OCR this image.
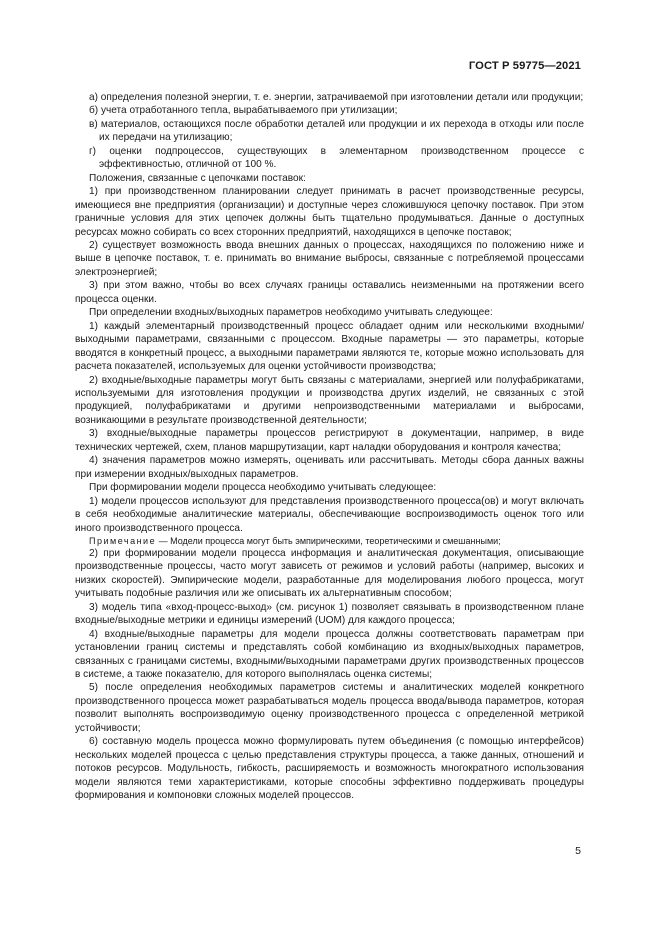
ГОСТ Р 59775—2021

а) определения полезной энергии, т. е. энергии, затрачиваемой при изготовлении детали или продукции;

б) учета отработанного тепла, вырабатываемого при утилизации;

в) материалов, остающихся после обработки деталей или продукции и их перехода в отходы или после их передачи на утилизацию;

г) оценки подпроцессов, существующих в элементарном производственном процессе с эффективностью, отличной от 100 %.

Положения, связанные с цепочками поставок:

1) при производственном планировании следует принимать в расчет производственные ресурсы, имеющиеся вне предприятия (организации) и доступные через сложившуюся цепочку поставок. При этом граничные условия для этих цепочек должны быть тщательно продумываться. Данные о доступных ресурсах можно собирать со всех сторонних предприятий, находящихся в цепочке поставок;

2) существует возможность ввода внешних данных о процессах, находящихся по положению ниже и выше в цепочке поставок, т. е. принимать во внимание выбросы, связанные с потребляемой процессами электроэнергией;

3) при этом важно, чтобы во всех случаях границы оставались неизменными на протяжении всего процесса оценки.

При определении входных/выходных параметров необходимо учитывать следующее:

1) каждый элементарный производственный процесс обладает одним или несколькими входными/ выходными параметрами, связанными с процессом. Входные параметры — это параметры, которые вводятся в конкретный процесс, а выходными параметрами являются те, которые можно использовать для расчета показателей, используемых для оценки устойчивости производства;

2) входные/выходные параметры могут быть связаны с материалами, энергией или полуфабрикатами, используемыми для изготовления продукции и производства других изделий, не связанных с этой продукцией, полуфабрикатами и другими непроизводственными материалами и выбросами, возникающими в результате производственной деятельности;

3) входные/выходные параметры процессов регистрируют в документации, например, в виде технических чертежей, схем, планов маршрутизации, карт наладки оборудования и контроля качества;

4) значения параметров можно измерять, оценивать или рассчитывать. Методы сбора данных важны при измерении входных/выходных параметров.

При формировании модели процесса необходимо учитывать следующее:

1) модели процессов используют для представления производственного процесса(ов) и могут включать в себя необходимые аналитические материалы, обеспечивающие воспроизводимость оценок того или иного производственного процесса.

Примечание — Модели процесса могут быть эмпирическими, теоретическими и смешанными;

2) при формировании модели процесса информация и аналитическая документация, описывающие производственные процессы, часто могут зависеть от режимов и условий работы (например, высоких и низких скоростей). Эмпирические модели, разработанные для моделирования любого процесса, могут учитывать подобные различия или же описывать их альтернативным способом;

3) модель типа «вход-процесс-выход» (см. рисунок 1) позволяет связывать в производственном плане входные/выходные метрики и единицы измерений (UOM) для каждого процесса;

4) входные/выходные параметры для модели процесса должны соответствовать параметрам при установлении границ системы и представлять собой комбинацию из входных/выходных параметров, связанных с границами системы, входными/выходными параметрами других производственных процессов в системе, а также показателю, для которого выполнялась оценка системы;

5) после определения необходимых параметров системы и аналитических моделей конкретного производственного процесса может разрабатываться модель процесса ввода/вывода параметров, которая позволит выполнять воспроизводимую оценку производственного процесса с определенной метрикой устойчивости;

6) составную модель процесса можно формулировать путем объединения (с помощью интерфейсов) нескольких моделей процесса с целью представления структуры процесса, а также данных, отношений и потоков ресурсов. Модульность, гибкость, расширяемость и возможность многократного использования модели являются теми характеристиками, которые способны эффективно поддерживать процедуры формирования и компоновки сложных моделей процессов.

5
